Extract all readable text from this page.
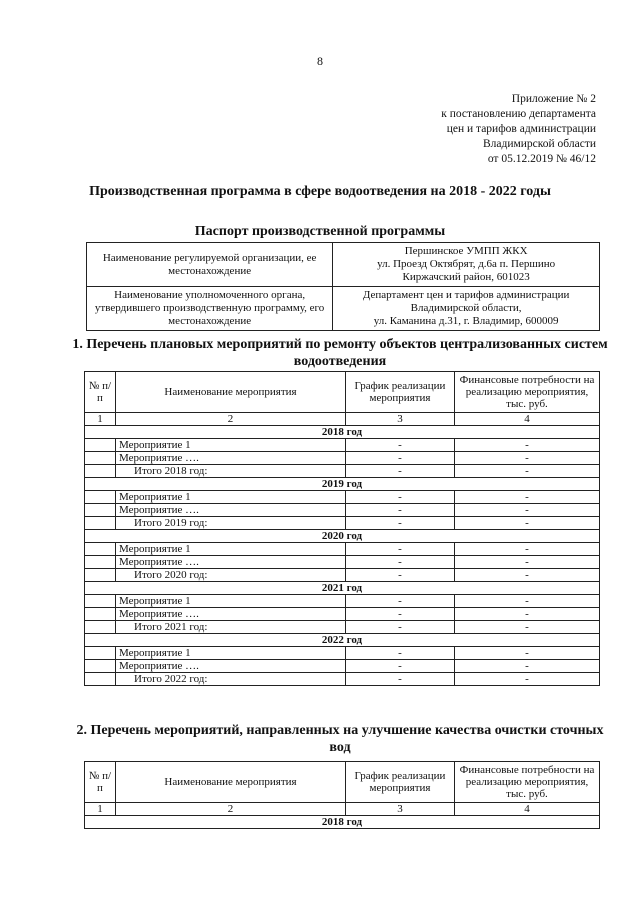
8
Приложение № 2
к постановлению департамента
цен и тарифов администрации
Владимирской области
от 05.12.2019 № 46/12
Производственная программа в сфере водоотведения на 2018 - 2022 годы
Паспорт производственной программы
Наименование регулируемой организации, ее местонахождение	Першинское УМПП ЖКХ
ул. Проезд Октябрят, д.6а п. Першино
Киржачский район, 601023

Наименование уполномоченного органа, утвердившего производственную программу, его местонахождение	Департамент цен и тарифов администрации
Владимирской области,
ул. Каманина д.31, г. Владимир, 600009
1. Перечень плановых мероприятий по ремонту объектов централизованных систем водоотведения
№ п/п	Наименование мероприятия	График реализации мероприятия	Финансовые потребности на реализацию мероприятия, тыс. руб.
1	2	3	4
2018 год			
	Мероприятие 1	-	-
	Мероприятие ….	-	-
	Итого 2018 год:	-	-
2019 год			
	Мероприятие 1	-	-
	Мероприятие ….	-	-
	Итого 2019 год:	-	-
2020 год			
	Мероприятие 1	-	-
	Мероприятие ….	-	-
	Итого 2020 год:	-	-
2021 год			
	Мероприятие 1	-	-
	Мероприятие ….	-	-
	Итого 2021 год:	-	-
2022 год			
	Мероприятие 1	-	-
	Мероприятие ….	-	-
	Итого 2022 год:	-	-
2. Перечень мероприятий, направленных на улучшение качества очистки сточных вод
№ п/п	Наименование мероприятия	График реализации мероприятия	Финансовые потребности на реализацию мероприятия, тыс. руб.
1	2	3	4
2018 год			
